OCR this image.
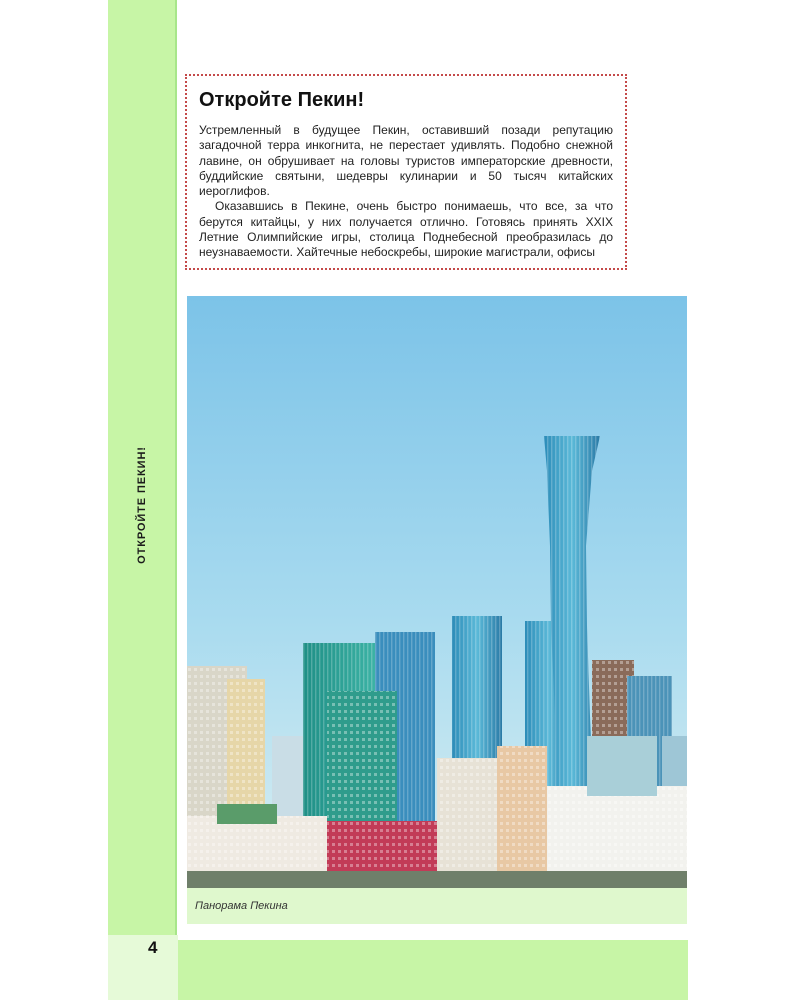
ОТКРОЙТЕ ПЕКИН!
Откройте Пекин!

Устремленный в будущее Пекин, оставивший позади репутацию загадочной терра инкогнита, не перестает удивлять. Подобно снежной лавине, он обрушивает на головы туристов императорские древности, буддийские святыни, шедевры кулинарии и 50 тысяч китайских иероглифов.

Оказавшись в Пекине, очень быстро понимаешь, что все, за что берутся китайцы, у них получается отлично. Готовясь принять XXIX Летние Олимпийские игры, столица Поднебесной преобразилась до неузнаваемости. Хайтечные небоскребы, широкие магистрали, офисы

Панорама Пекина
4
